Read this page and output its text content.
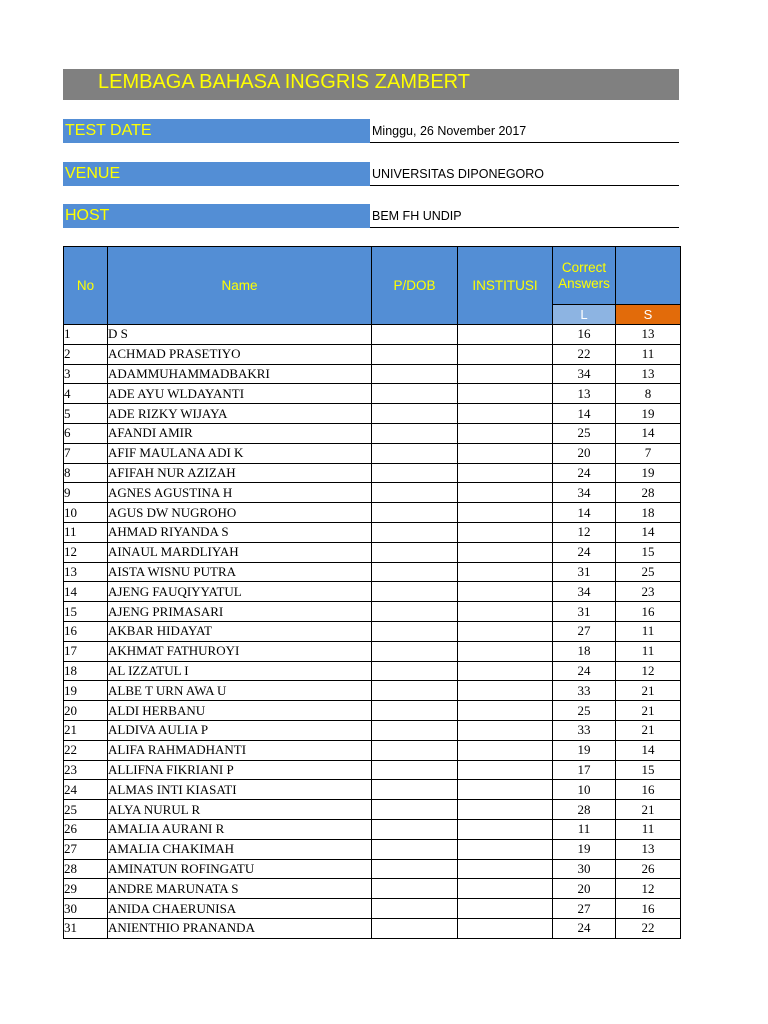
LEMBAGA BAHASA INGGRIS ZAMBERT
TEST DATE	Minggu, 26 November 2017
VENUE	UNIVERSITAS DIPONEGORO
HOST	BEM FH UNDIP
No	Name	P/DOB	INSTITUSI	Correct Answers	
				L	S
1	D S			16	13
2	ACHMAD PRASETIYO			22	11
3	ADAMMUHAMMADBAKRI			34	13
4	ADE AYU WLDAYANTI			13	8
5	ADE RIZKY WIJAYA			14	19
6	AFANDI AMIR			25	14
7	AFIF MAULANA ADI K			20	7
8	AFIFAH NUR AZIZAH			24	19
9	AGNES AGUSTINA H			34	28
10	AGUS DW NUGROHO			14	18
11	AHMAD RIYANDA S			12	14
12	AINAUL MARDLIYAH			24	15
13	AISTA WISNU PUTRA			31	25
14	AJENG FAUQIYYATUL			34	23
15	AJENG PRIMASARI			31	16
16	AKBAR HIDAYAT			27	11
17	AKHMAT FATHUROYI			18	11
18	AL IZZATUL I			24	12
19	ALBE T URN AWA U			33	21
20	ALDI HERBANU			25	21
21	ALDIVA AULIA P			33	21
22	ALIFA RAHMADHANTI			19	14
23	ALLIFNA FIKRIANI P			17	15
24	ALMAS INTI KIASATI			10	16
25	ALYA NURUL R			28	21
26	AMALIA AURANI R			11	11
27	AMALIA CHAKIMAH			19	13
28	AMINATUN ROFINGATU			30	26
29	ANDRE MARUNATA S			20	12
30	ANIDA CHAERUNISA			27	16
31	ANIENTHIO PRANANDA			24	22
